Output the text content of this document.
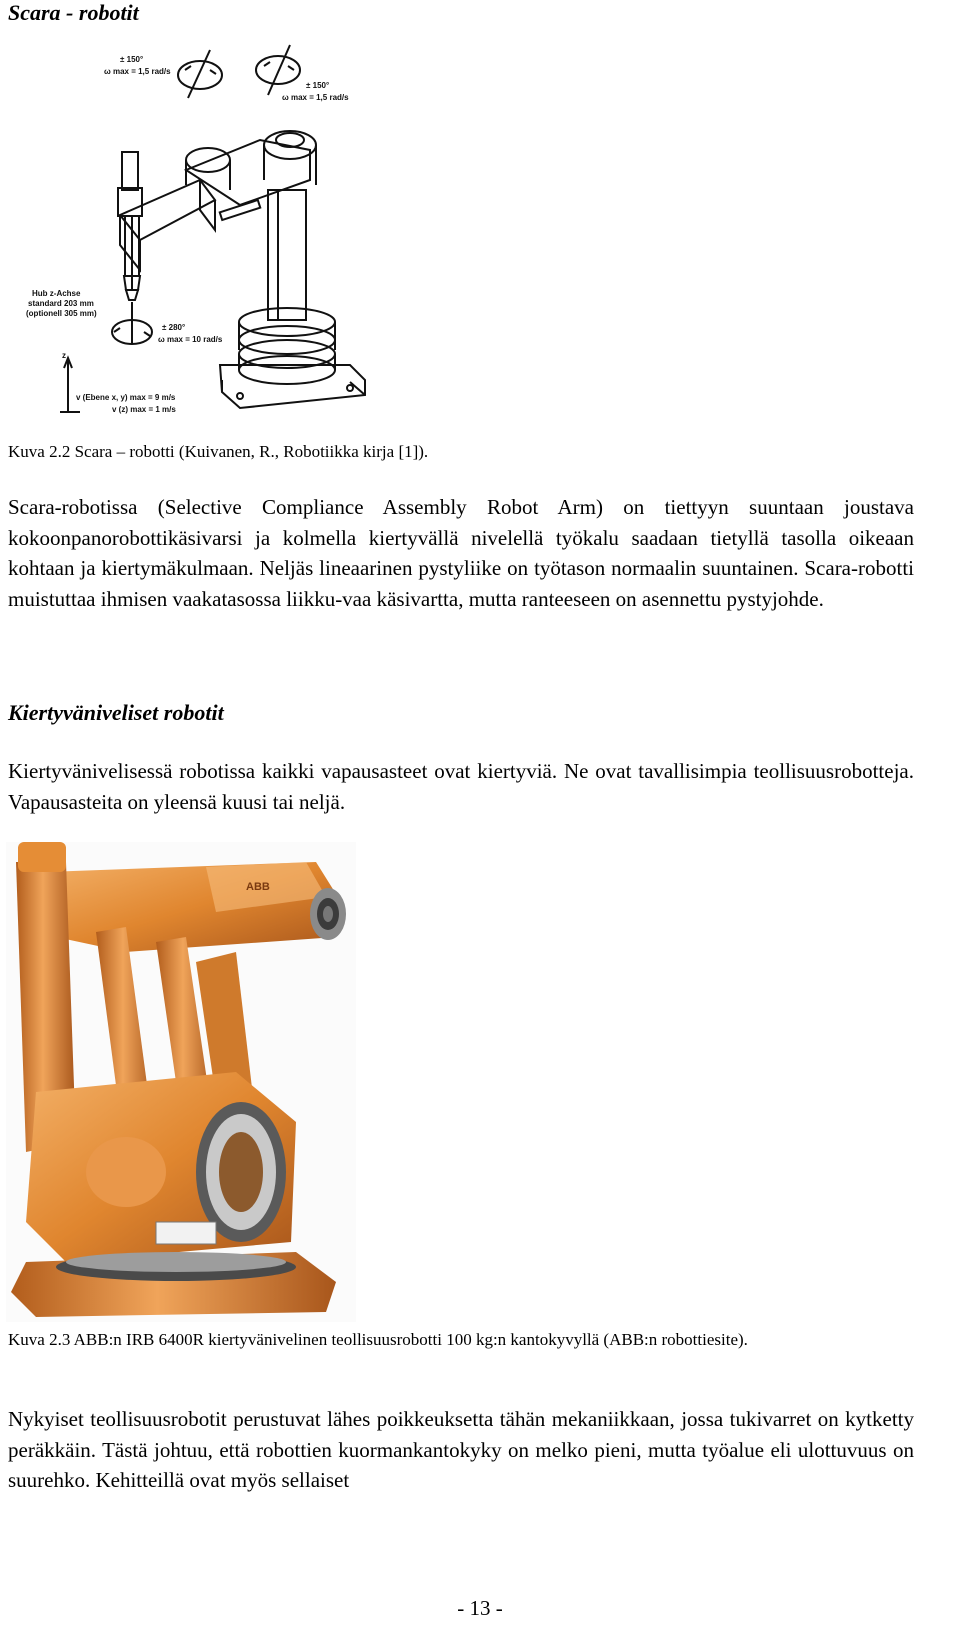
Scara - robotit
± 150°
ω max = 1,5 rad/s
± 150°
ω max = 1,5 rad/s
Hub z-Achse
standard 203 mm
(optionell 305 mm)
± 280°
ω max = 10 rad/s
z
v (Ebene x, y) max = 9 m/s
v (z) max = 1 m/s
Kuva 2.2 Scara – robotti (Kuivanen, R., Robotiikka kirja [1]).
Scara-robotissa (Selective Compliance Assembly Robot Arm) on tiettyyn suuntaan joustava kokoonpanorobottikäsivarsi ja kolmella kiertyvällä nivelellä työkalu saadaan tietyllä tasolla oikeaan kohtaan ja kiertymäkulmaan. Neljäs lineaarinen pystyliike on työtason normaalin suuntainen. Scara-robotti muistuttaa ihmisen vaakatasossa liikku-vaa käsivartta, mutta ranteeseen on asennettu pystyjohde.
Kiertyväniveliset robotit
Kiertyvänivelisessä robotissa kaikki vapausasteet ovat kiertyviä. Ne ovat tavallisimpia teollisuusrobotteja. Vapausasteita on yleensä kuusi tai neljä.
ABB
Kuva 2.3 ABB:n IRB 6400R kiertyvänivelinen teollisuusrobotti 100 kg:n kantokyvyllä (ABB:n robottiesite).
Nykyiset teollisuusrobotit perustuvat lähes poikkeuksetta tähän mekaniikkaan, jossa tukivarret on kytketty peräkkäin. Tästä johtuu, että robottien kuormankantokyky on melko pieni, mutta työalue eli ulottuvuus on suurehko. Kehitteillä ovat myös sellaiset
- 13 -
